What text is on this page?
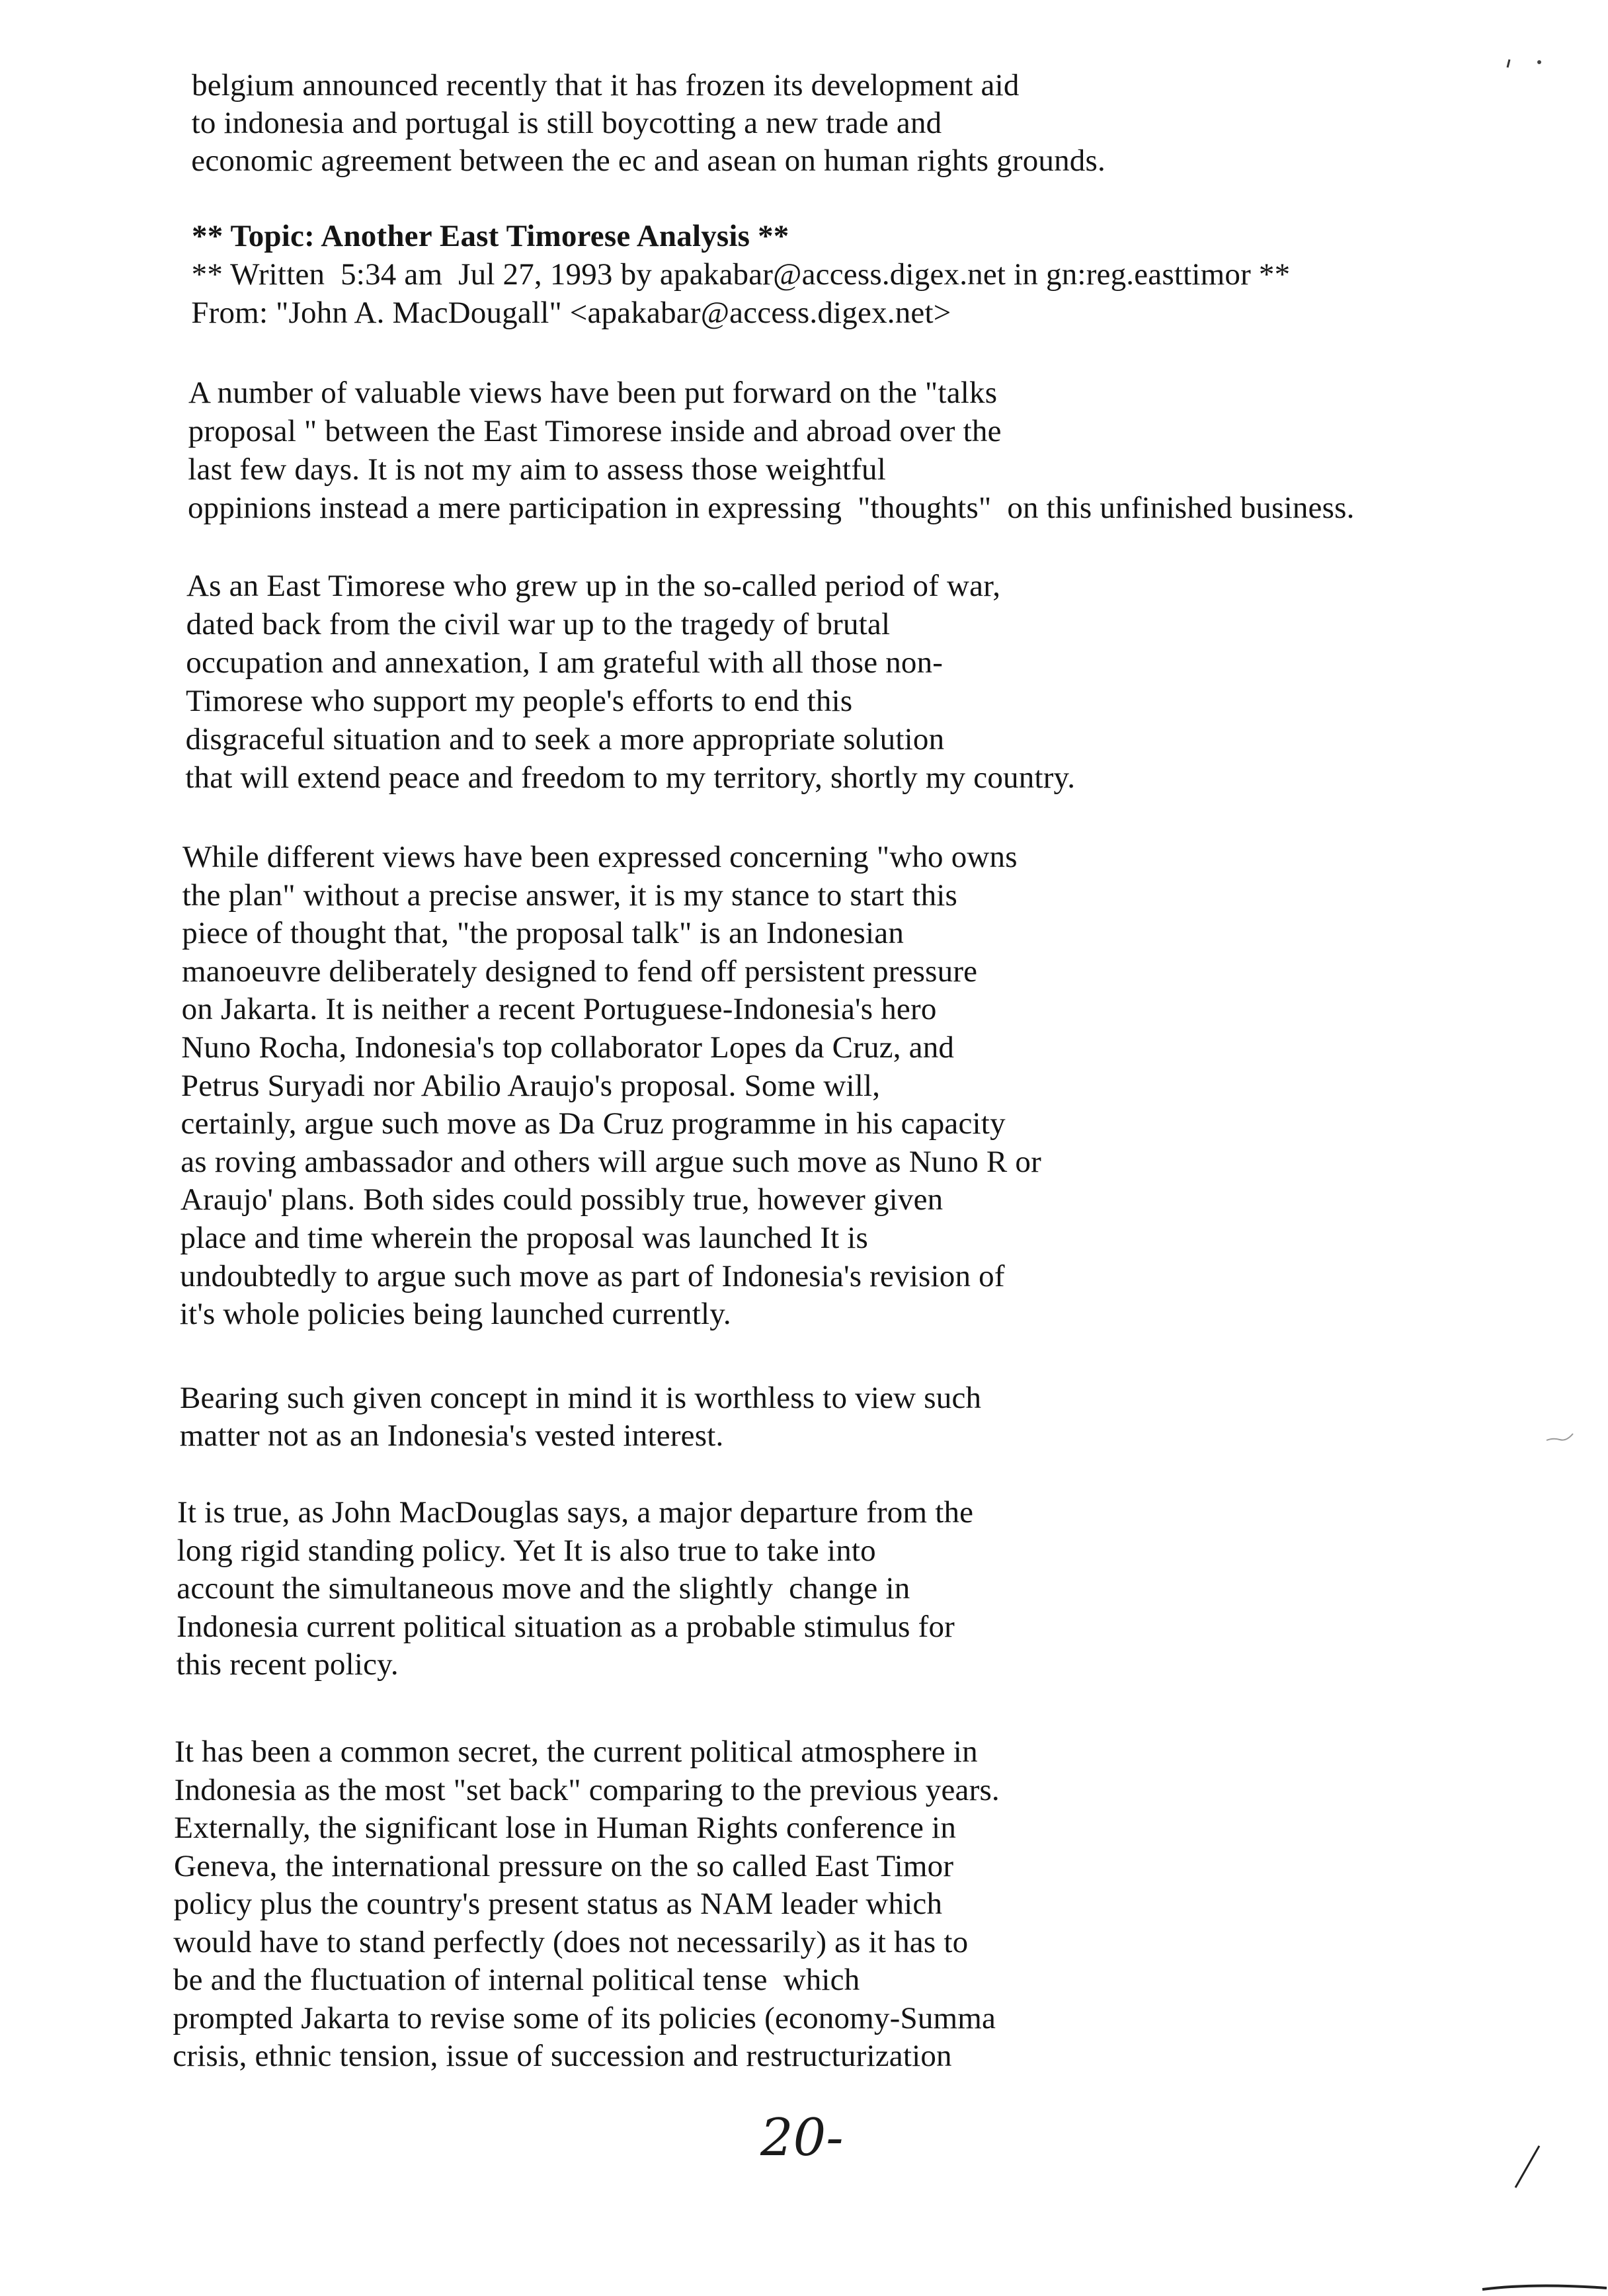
belgium announced recently that it has frozen its development aid
to indonesia and portugal is still boycotting a new trade and
economic agreement between the ec and asean on human rights grounds.
** Topic: Another East Timorese Analysis **
** Written  5:34 am  Jul 27, 1993 by apakabar@access.digex.net in gn:reg.easttimor **
From: "John A. MacDougall" <apakabar@access.digex.net>
A number of valuable views have been put forward on the "talks
proposal " between the East Timorese inside and abroad over the
last few days. It is not my aim to assess those weightful
oppinions instead a mere participation in expressing  "thoughts"  on this unfinished business.
As an East Timorese who grew up in the so-called period of war,
dated back from the civil war up to the tragedy of brutal
occupation and annexation, I am grateful with all those non-
Timorese who support my people's efforts to end this
disgraceful situation and to seek a more appropriate solution
that will extend peace and freedom to my territory, shortly my country.
While different views have been expressed concerning "who owns
the plan" without a precise answer, it is my stance to start this
piece of thought that, "the proposal talk" is an Indonesian
manoeuvre deliberately designed to fend off persistent pressure
on Jakarta. It is neither a recent Portuguese-Indonesia's hero
Nuno Rocha, Indonesia's top collaborator Lopes da Cruz, and
Petrus Suryadi nor Abilio Araujo's proposal. Some will,
certainly, argue such move as Da Cruz programme in his capacity
as roving ambassador and others will argue such move as Nuno R or
Araujo' plans. Both sides could possibly true, however given
place and time wherein the proposal was launched It is
undoubtedly to argue such move as part of Indonesia's revision of
it's whole policies being launched currently.
Bearing such given concept in mind it is worthless to view such
matter not as an Indonesia's vested interest.
It is true, as John MacDouglas says, a major departure from the
long rigid standing policy. Yet It is also true to take into
account the simultaneous move and the slightly  change in
Indonesia current political situation as a probable stimulus for
this recent policy.
It has been a common secret, the current political atmosphere in
Indonesia as the most "set back" comparing to the previous years.
Externally, the significant lose in Human Rights conference in
Geneva, the international pressure on the so called East Timor
policy plus the country's present status as NAM leader which
would have to stand perfectly (does not necessarily) as it has to
be and the fluctuation of internal political tense  which
prompted Jakarta to revise some of its policies (economy-Summa
crisis, ethnic tension, issue of succession and restructurization
20-
